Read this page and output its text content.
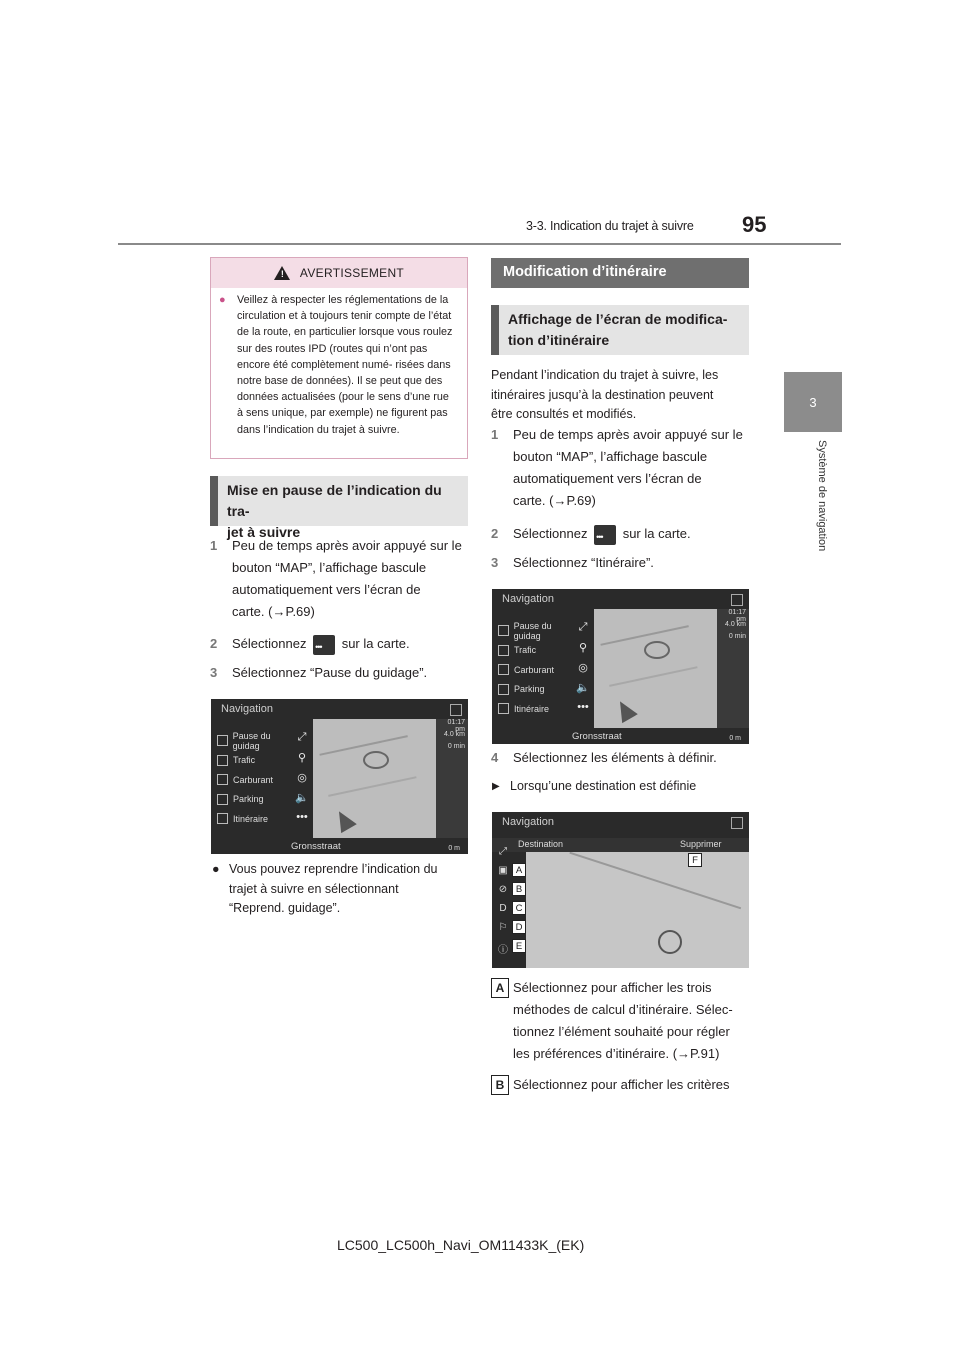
95
3-3. Indication du trajet à suivre
3
Système de navigation
! AVERTISSEMENT
● Veillez à respecter les réglementations de la circulation et à toujours tenir compte de l’état de la route, en particulier lorsque vous roulez sur des routes IPD (routes qui n’ont pas encore été complètement numé- risées dans notre base de données). Il se peut que des données actualisées (pour le sens d’une rue à sens unique, par exemple) ne figurent pas dans l’indication du trajet à suivre.
Mise en pause de l’indication du tra-
jet à suivre
1 Peu de temps après avoir appuyé sur le
bouton “MAP”, l’affichage bascule
automatiquement vers l’écran de
carte. (→P.69)
2 Sélectionnez •••	sur la carte.
3 Sélectionnez “Pause du guidage”.
Navigation
Pause du guidag
Trafic
Carburant
Parking
Itinéraire
⤢
⚲
◎
🔈
•••
01:17 pm
4.0 km
0 min
Gronsstraat	0 m
● Vous pouvez reprendre l’indication du
trajet à suivre en sélectionnant
“Reprend. guidage”.
Modification d’itinéraire
Affichage de l’écran de modifica-
tion d’itinéraire
Pendant l’indication du trajet à suivre, les
itinéraires jusqu’à la destination peuvent
être consultés et modifiés.
1 Peu de temps après avoir appuyé sur le
bouton “MAP”, l’affichage bascule
automatiquement vers l’écran de
carte. (→P.69)
2 Sélectionnez •••	sur la carte.
3 Sélectionnez “Itinéraire”.
Navigation
Pause du guidag
Trafic
Carburant
Parking
Itinéraire
⤢
⚲
◎
🔈
•••
01:17 pm
4.0 km
0 min
Gronsstraat	0 m
4 Sélectionnez les éléments à définir.
▶ Lorsqu’une destination est définie
Navigation
Destination	Supprimer
⤢
▣
⊘
D
⚐
ⓘ
A
B
C
D
E
F
A Sélectionnez pour afficher les trois
méthodes de calcul d’itinéraire. Sélec-
tionnez l’élément souhaité pour régler
les préférences d’itinéraire. (→P.91)
B Sélectionnez pour afficher les critères
LC500_LC500h_Navi_OM11433K_(EK)
